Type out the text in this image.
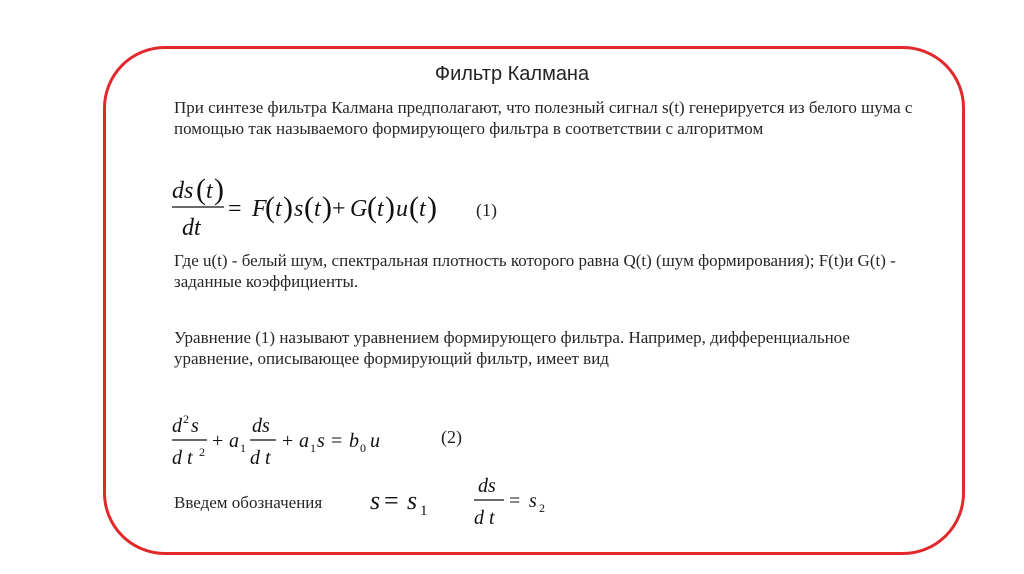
Фильтр Калмана
При синтезе фильтра Калмана предполагают, что полезный сигнал s(t) генерируется из белого шума с помощью так называемого формирующего фильтра в соответствии с алгоритмом
ds ( t )
dt
= F
( t ) s ( t ) + G ( t ) u ( t ) (1)
Где u(t) - белый шум, спектральная плотность которого равна Q(t) (шум формирования); F(t)и G(t) - заданные коэффициенты.
Уравнение (1) называют уравнением формирующего фильтра. Например, дифференциальное уравнение, описывающее формирующий фильтр, имеет вид
d 2 s
d t 2 + a 1
ds
d t
+ a 1 s = b 0 u	(2)
Введем обозначения	s = s 1
ds
d t
= s 2
